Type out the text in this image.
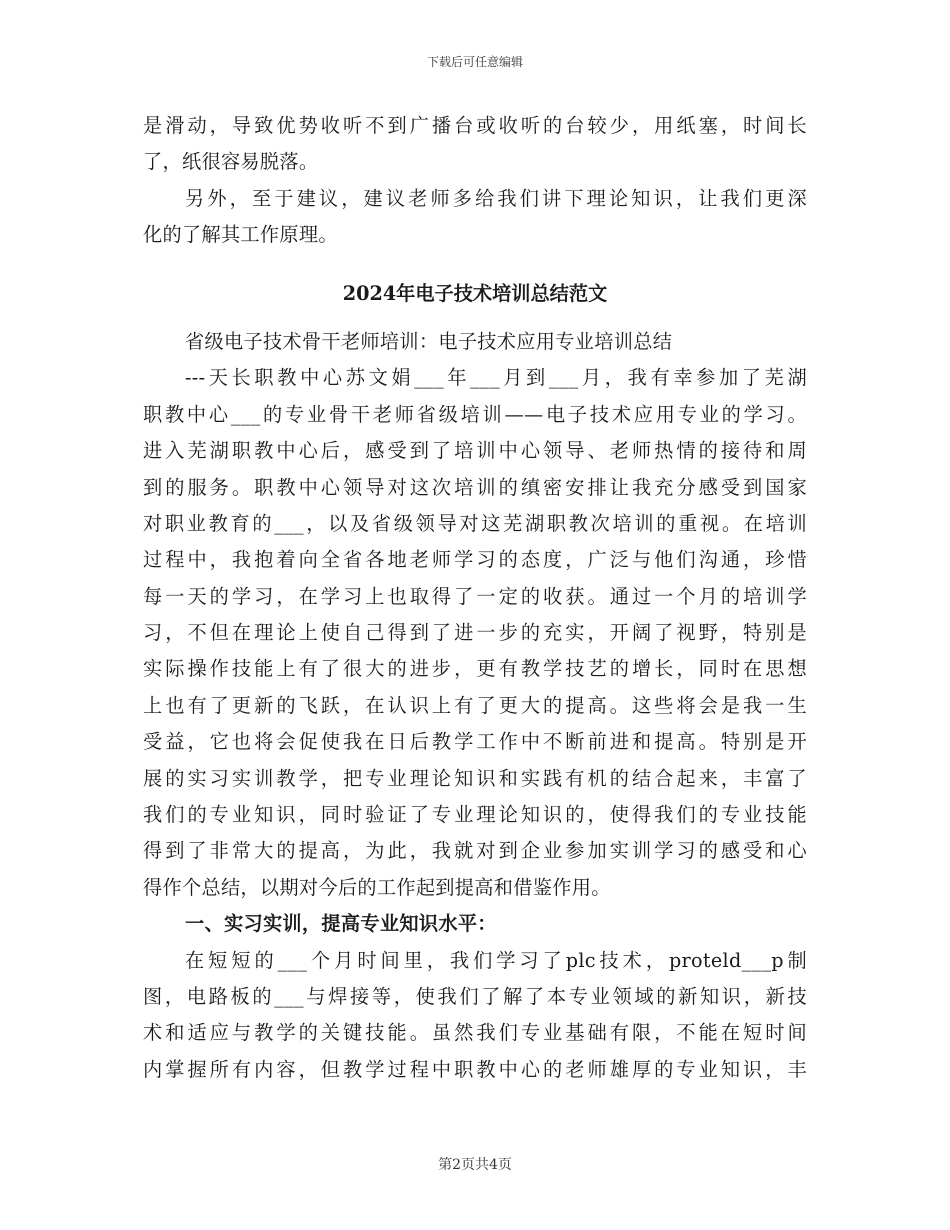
下载后可任意编辑
是滑动，导致优势收听不到广播台或收听的台较少，用纸塞，时间长
了，纸很容易脱落。
另外，至于建议，建议老师多给我们讲下理论知识，让我们更深
化的了解其工作原理。
2024年电子技术培训总结范文
省级电子技术骨干老师培训：电子技术应用专业培训总结
---天长职教中心苏文娟___年___月到___月，我有幸参加了芜湖
职教中心___的专业骨干老师省级培训——电子技术应用专业的学习。
进入芜湖职教中心后，感受到了培训中心领导、老师热情的接待和周
到的服务。职教中心领导对这次培训的缜密安排让我充分感受到国家
对职业教育的___，以及省级领导对这芜湖职教次培训的重视。在培训
过程中，我抱着向全省各地老师学习的态度，广泛与他们沟通，珍惜
每一天的学习，在学习上也取得了一定的收获。通过一个月的培训学
习，不但在理论上使自己得到了进一步的充实，开阔了视野，特别是
实际操作技能上有了很大的进步，更有教学技艺的增长，同时在思想
上也有了更新的飞跃，在认识上有了更大的提高。这些将会是我一生
受益，它也将会促使我在日后教学工作中不断前进和提高。特别是开
展的实习实训教学，把专业理论知识和实践有机的结合起来，丰富了
我们的专业知识，同时验证了专业理论知识的，使得我们的专业技能
得到了非常大的提高，为此，我就对到企业参加实训学习的感受和心
得作个总结，以期对今后的工作起到提高和借鉴作用。
一、实习实训，提高专业知识水平：
在短短的___个月时间里，我们学习了plc技术，proteld___p制
图，电路板的___与焊接等，使我们了解了本专业领域的新知识，新技
术和适应与教学的关键技能。虽然我们专业基础有限，不能在短时间
内掌握所有内容，但教学过程中职教中心的老师雄厚的专业知识，丰
第2页共4页
